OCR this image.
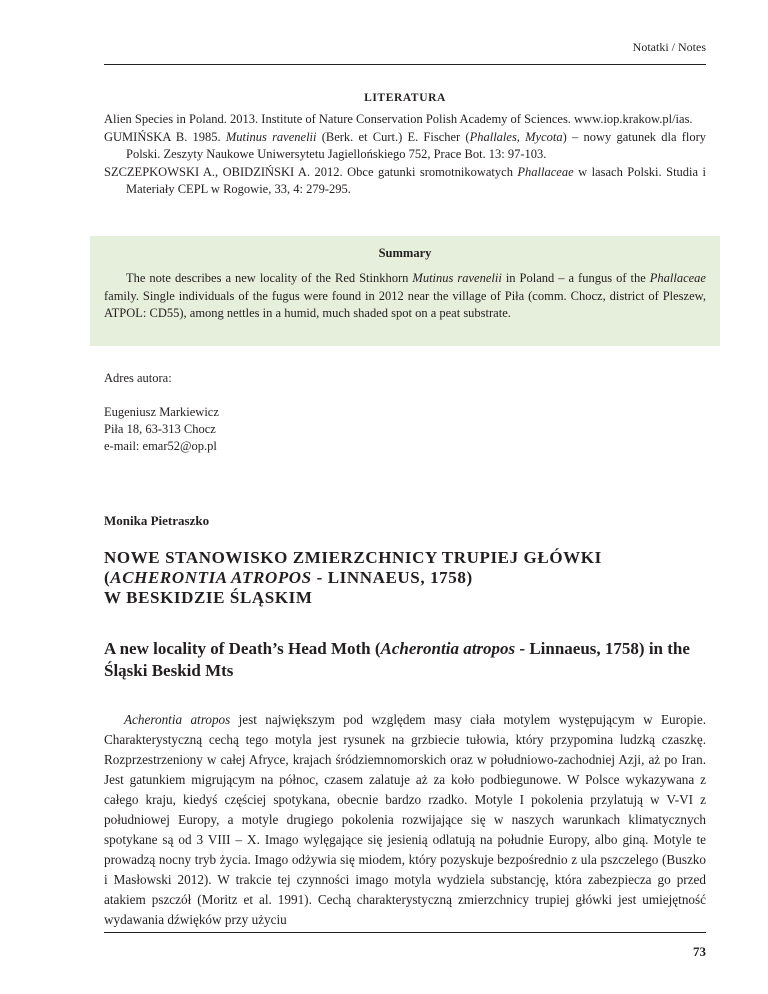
Notatki / Notes
LITERATURA
Alien Species in Poland. 2013. Institute of Nature Conservation Polish Academy of Sciences. www.iop.krakow.pl/ias.
GUMIŃSKA B. 1985. Mutinus ravenelii (Berk. et Curt.) E. Fischer (Phallales, Mycota) – nowy gatunek dla flory Polski. Zeszyty Naukowe Uniwersytetu Jagiellońskiego 752, Prace Bot. 13: 97-103.
SZCZEPKOWSKI A., OBIDZIŃSKI A. 2012. Obce gatunki sromotnikowatych Phallaceae w lasach Polski. Studia i Materiały CEPL w Rogowie, 33, 4: 279-295.
Summary
The note describes a new locality of the Red Stinkhorn Mutinus ravenelii in Poland – a fungus of the Phallaceae family. Single individuals of the fugus were found in 2012 near the village of Piła (comm. Chocz, district of Pleszew, ATPOL: CD55), among nettles in a humid, much shaded spot on a peat substrate.
Adres autora:
Eugeniusz Markiewicz
Piła 18, 63-313 Chocz
e-mail: emar52@op.pl
Monika Pietraszko
NOWE STANOWISKO ZMIERZCHNICY TRUPIEJ GŁÓWKI
(ACHERONTIA ATROPOS - LINNAEUS, 1758)
W BESKIDZIE ŚLĄSKIM
A new locality of Death’s Head Moth (Acherontia atropos - Linnaeus, 1758) in the Śląski Beskid Mts
Acherontia atropos jest największym pod względem masy ciała motylem występującym w Europie. Charakterystyczną cechą tego motyla jest rysunek na grzbiecie tułowia, który przypomina ludzką czaszkę. Rozprzestrzeniony w całej Afryce, krajach śródziemnomorskich oraz w południowo-zachodniej Azji, aż po Iran. Jest gatunkiem migrującym na północ, czasem zalatuje aż za koło podbiegunowe. W Polsce wykazywana z całego kraju, kiedyś częściej spotykana, obecnie bardzo rzadko. Motyle I pokolenia przylatują w V-VI z południowej Europy, a motyle drugiego pokolenia rozwijające się w naszych warunkach klimatycznych spotykane są od 3 VIII – X. Imago wylęgające się jesienią odlatują na południe Europy, albo giną. Motyle te prowadzą nocny tryb życia. Imago odżywia się miodem, który pozyskuje bezpośrednio z ula pszczelego (Buszko i Masłowski 2012). W trakcie tej czynności imago motyla wydziela substancję, która zabezpiecza go przed atakiem pszczół (Moritz et al. 1991). Cechą charakterystyczną zmierzchnicy trupiej główki jest umiejętność wydawania dźwięków przy użyciu
73
